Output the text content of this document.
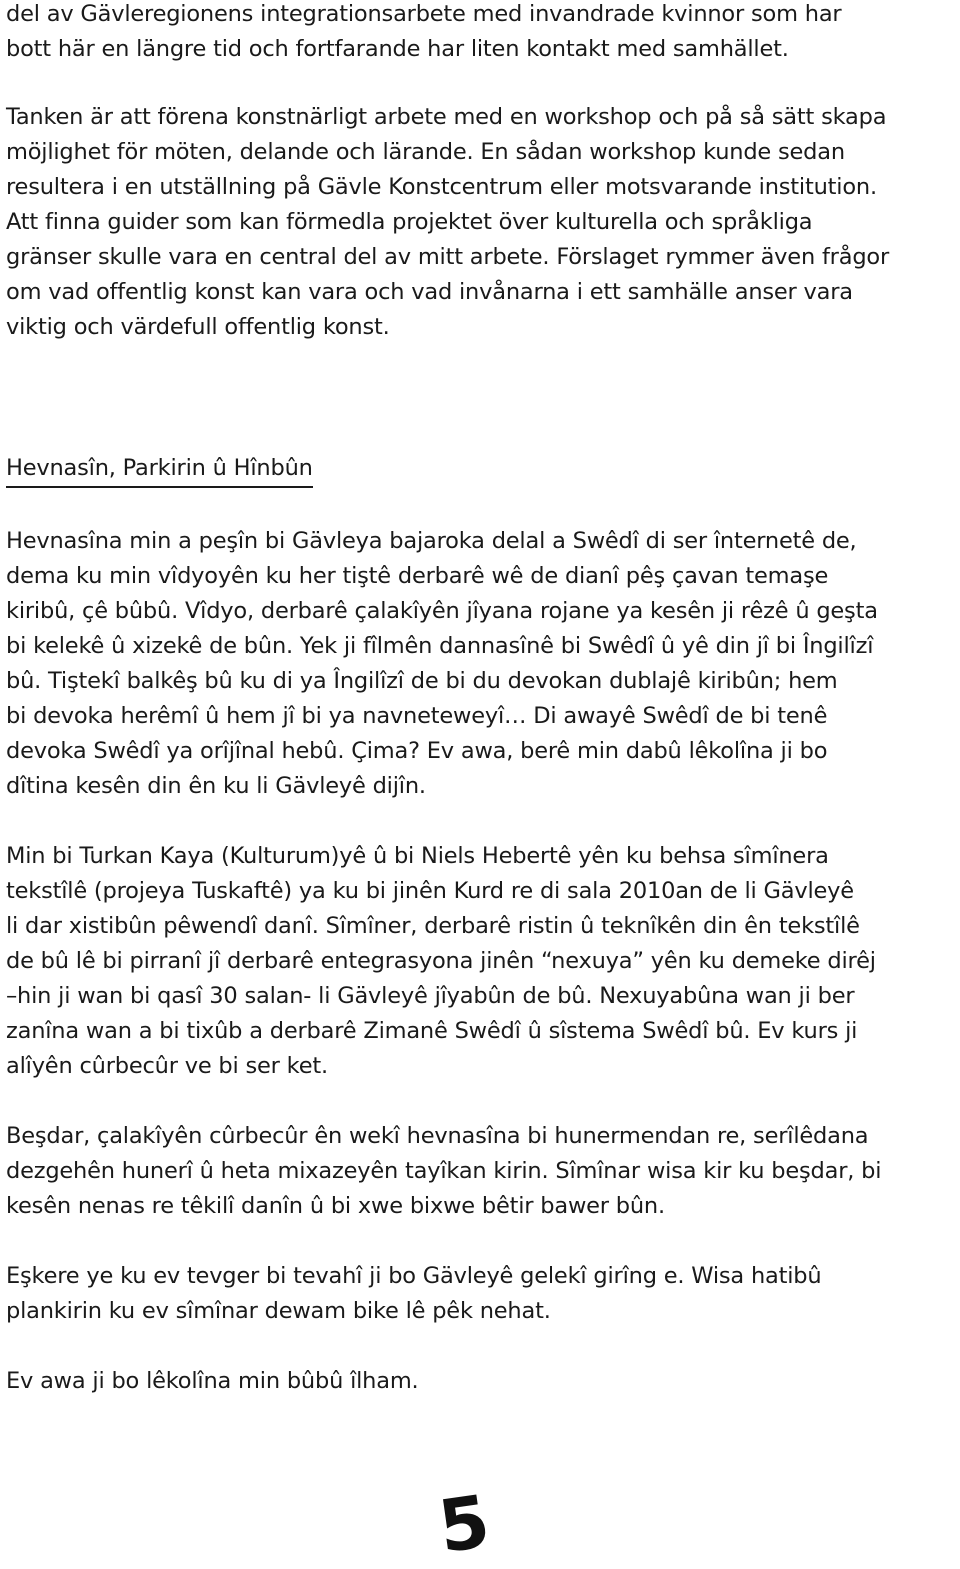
del av Gävleregionens integrationsarbete med invandrade kvinnor som har
bott här en längre tid och fortfarande har liten kontakt med samhället.

Tanken är att förena konstnärligt arbete med en workshop och på så sätt skapa
möjlighet för möten, delande och lärande. En sådan workshop kunde sedan
resultera i en utställning på Gävle Konstcentrum eller motsvarande institution.
Att finna guider som kan förmedla projektet över kulturella och språkliga
gränser skulle vara en central del av mitt arbete. Förslaget rymmer även frågor
om vad offentlig konst kan vara och vad invånarna i ett samhälle anser vara
viktig och värdefull offentlig konst.

Hevnasîn, Parkirin û Hînbûn

Hevnasîna min a peşîn bi Gävleya bajaroka delal a Swêdî di ser înternetê de,
dema ku min vîdyoyên ku her tiştê derbarê wê de dianî pêş çavan temaşe
kiribû, çê bûbû. Vîdyo, derbarê çalakîyên jîyana rojane ya kesên ji rêzê û geşta
bi kelekê û xizekê de bûn. Yek ji fîlmên dannasînê bi Swêdî û yê din jî bi Îngilîzî
bû. Tiştekî balkêş bû ku di ya Îngilîzî de bi du devokan dublajê kiribûn; hem
bi devoka herêmî û hem jî bi ya navneteweyî… Di awayê Swêdî de bi tenê
devoka Swêdî ya orîjînal hebû. Çima? Ev awa, berê min dabû lêkolîna ji bo
dîtina kesên din ên ku li Gävleyê dijîn.

Min bi Turkan Kaya (Kulturum)yê û bi Niels Hebertê yên ku behsa sîmînera
tekstîlê (projeya Tuskaftê) ya ku bi jinên Kurd re di sala 2010an de li Gävleyê
li dar xistibûn pêwendî danî. Sîmîner, derbarê ristin û teknîkên din ên tekstîlê
de bû lê bi pirranî jî derbarê entegrasyona jinên “nexuya” yên ku demeke dirêj
–hin ji wan bi qasî 30 salan- li Gävleyê jîyabûn de bû. Nexuyabûna wan ji ber
zanîna wan a bi tixûb a derbarê Zimanê Swêdî û sîstema Swêdî bû. Ev kurs ji
alîyên cûrbecûr ve bi ser ket.

Beşdar, çalakîyên cûrbecûr ên wekî hevnasîna bi hunermendan re, serîlêdana
dezgehên hunerî û heta mixazeyên tayîkan kirin. Sîmînar wisa kir ku beşdar, bi
kesên nenas re têkilî danîn û bi xwe bixwe bêtir bawer bûn.

Eşkere ye ku ev tevger bi tevahî ji bo Gävleyê gelekî girîng e. Wisa hatibû
plankirin ku ev sîmînar dewam bike lê pêk nehat.

Ev awa ji bo lêkolîna min bûbû îlham.

5
